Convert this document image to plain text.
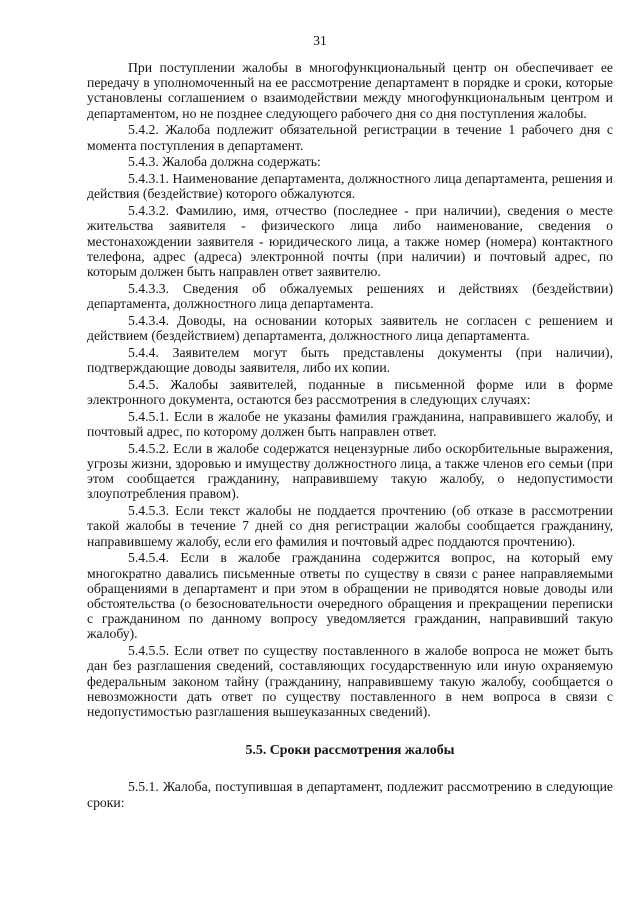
31

При поступлении жалобы в многофункциональный центр он обеспечивает ее передачу в уполномоченный на ее рассмотрение департамент в порядке и сроки, которые установлены соглашением о взаимодействии между многофункциональным центром и департаментом, но не позднее следующего рабочего дня со дня поступления жалобы.

5.4.2. Жалоба подлежит обязательной регистрации в течение 1 рабочего дня с момента поступления в департамент.

5.4.3. Жалоба должна содержать:

5.4.3.1. Наименование департамента, должностного лица департамента, решения и действия (бездействие) которого обжалуются.

5.4.3.2. Фамилию, имя, отчество (последнее - при наличии), сведения о месте жительства заявителя - физического лица либо наименование, сведения о местонахождении заявителя - юридического лица, а также номер (номера) контактного телефона, адрес (адреса) электронной почты (при наличии) и почтовый адрес, по которым должен быть направлен ответ заявителю.

5.4.3.3. Сведения об обжалуемых решениях и действиях (бездействии) департамента, должностного лица департамента.

5.4.3.4. Доводы, на основании которых заявитель не согласен с решением и действием (бездействием) департамента, должностного лица департамента.

5.4.4. Заявителем могут быть представлены документы (при наличии), подтверждающие доводы заявителя, либо их копии.

5.4.5. Жалобы заявителей, поданные в письменной форме или в форме электронного документа, остаются без рассмотрения в следующих случаях:

5.4.5.1. Если в жалобе не указаны фамилия гражданина, направившего жалобу, и почтовый адрес, по которому должен быть направлен ответ.

5.4.5.2. Если в жалобе содержатся нецензурные либо оскорбительные выражения, угрозы жизни, здоровью и имуществу должностного лица, а также членов его семьи (при этом сообщается гражданину, направившему такую жалобу, о недопустимости злоупотребления правом).

5.4.5.3. Если текст жалобы не поддается прочтению (об отказе в рассмотрении такой жалобы в течение 7 дней со дня регистрации жалобы сообщается гражданину, направившему жалобу, если его фамилия и почтовый адрес поддаются прочтению).

5.4.5.4. Если в жалобе гражданина содержится вопрос, на который ему многократно давались письменные ответы по существу в связи с ранее направляемыми обращениями в департамент и при этом в обращении не приводятся новые доводы или обстоятельства (о безосновательности очередного обращения и прекращении переписки с гражданином по данному вопросу уведомляется гражданин, направивший такую жалобу).

5.4.5.5. Если ответ по существу поставленного в жалобе вопроса не может быть дан без разглашения сведений, составляющих государственную или иную охраняемую федеральным законом тайну (гражданину, направившему такую жалобу, сообщается о невозможности дать ответ по существу поставленного в нем вопроса в связи с недопустимостью разглашения вышеуказанных сведений).

5.5. Сроки рассмотрения жалобы

5.5.1. Жалоба, поступившая в департамент, подлежит рассмотрению в следующие сроки:
